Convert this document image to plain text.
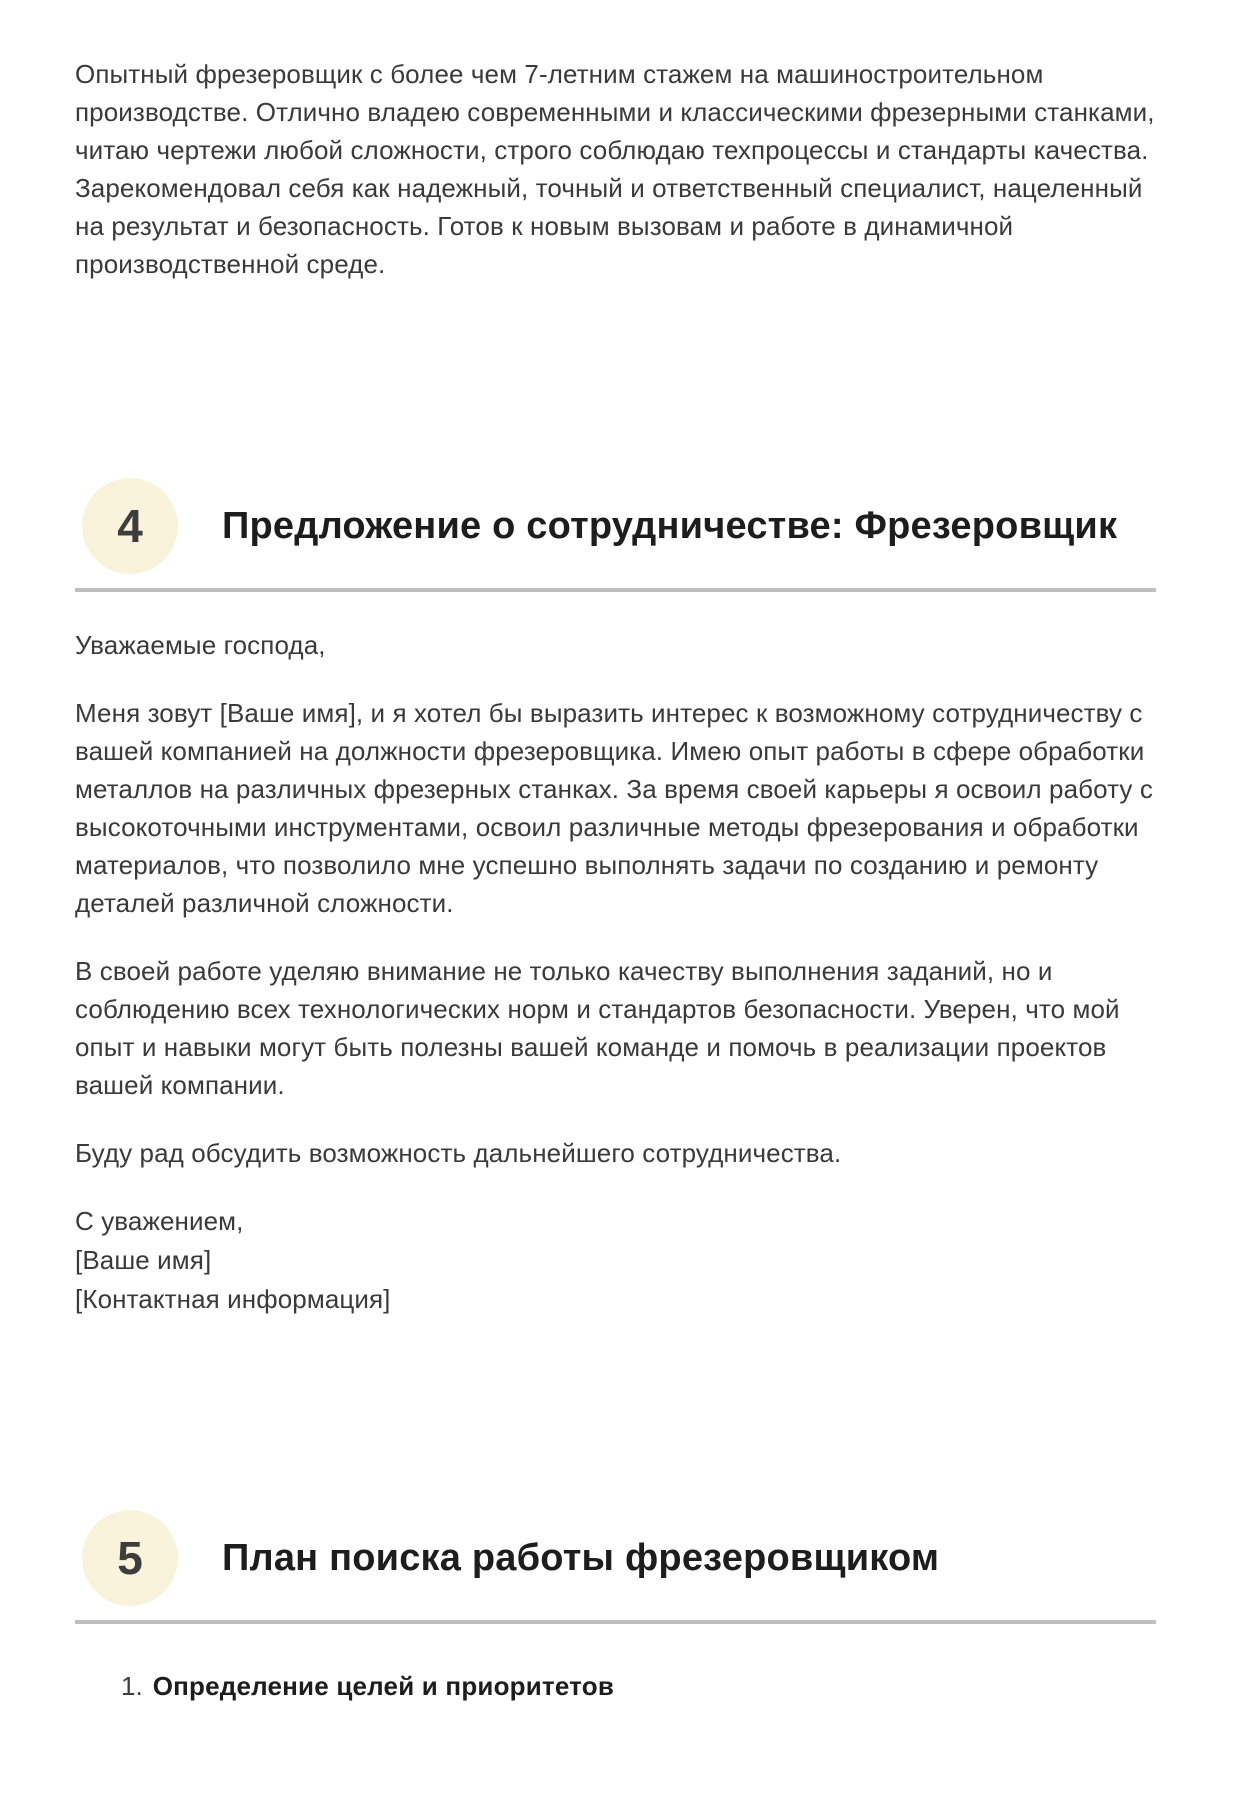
Опытный фрезеровщик с более чем 7-летним стажем на машиностроительном производстве. Отлично владею современными и классическими фрезерными станками, читаю чертежи любой сложности, строго соблюдаю техпроцессы и стандарты качества. Зарекомендовал себя как надежный, точный и ответственный специалист, нацеленный на результат и безопасность. Готов к новым вызовам и работе в динамичной производственной среде.

4 Предложение о сотрудничестве: Фрезеровщик

Уважаемые господа,

Меня зовут [Ваше имя], и я хотел бы выразить интерес к возможному сотрудничеству с вашей компанией на должности фрезеровщика. Имею опыт работы в сфере обработки металлов на различных фрезерных станках. За время своей карьеры я освоил работу с высокоточными инструментами, освоил различные методы фрезерования и обработки материалов, что позволило мне успешно выполнять задачи по созданию и ремонту деталей различной сложности.

В своей работе уделяю внимание не только качеству выполнения заданий, но и соблюдению всех технологических норм и стандартов безопасности. Уверен, что мой опыт и навыки могут быть полезны вашей команде и помочь в реализации проектов вашей компании.

Буду рад обсудить возможность дальнейшего сотрудничества.

С уважением,
[Ваше имя]
[Контактная информация]
5 План поиска работы фрезеровщиком
1. Определение целей и приоритетов
